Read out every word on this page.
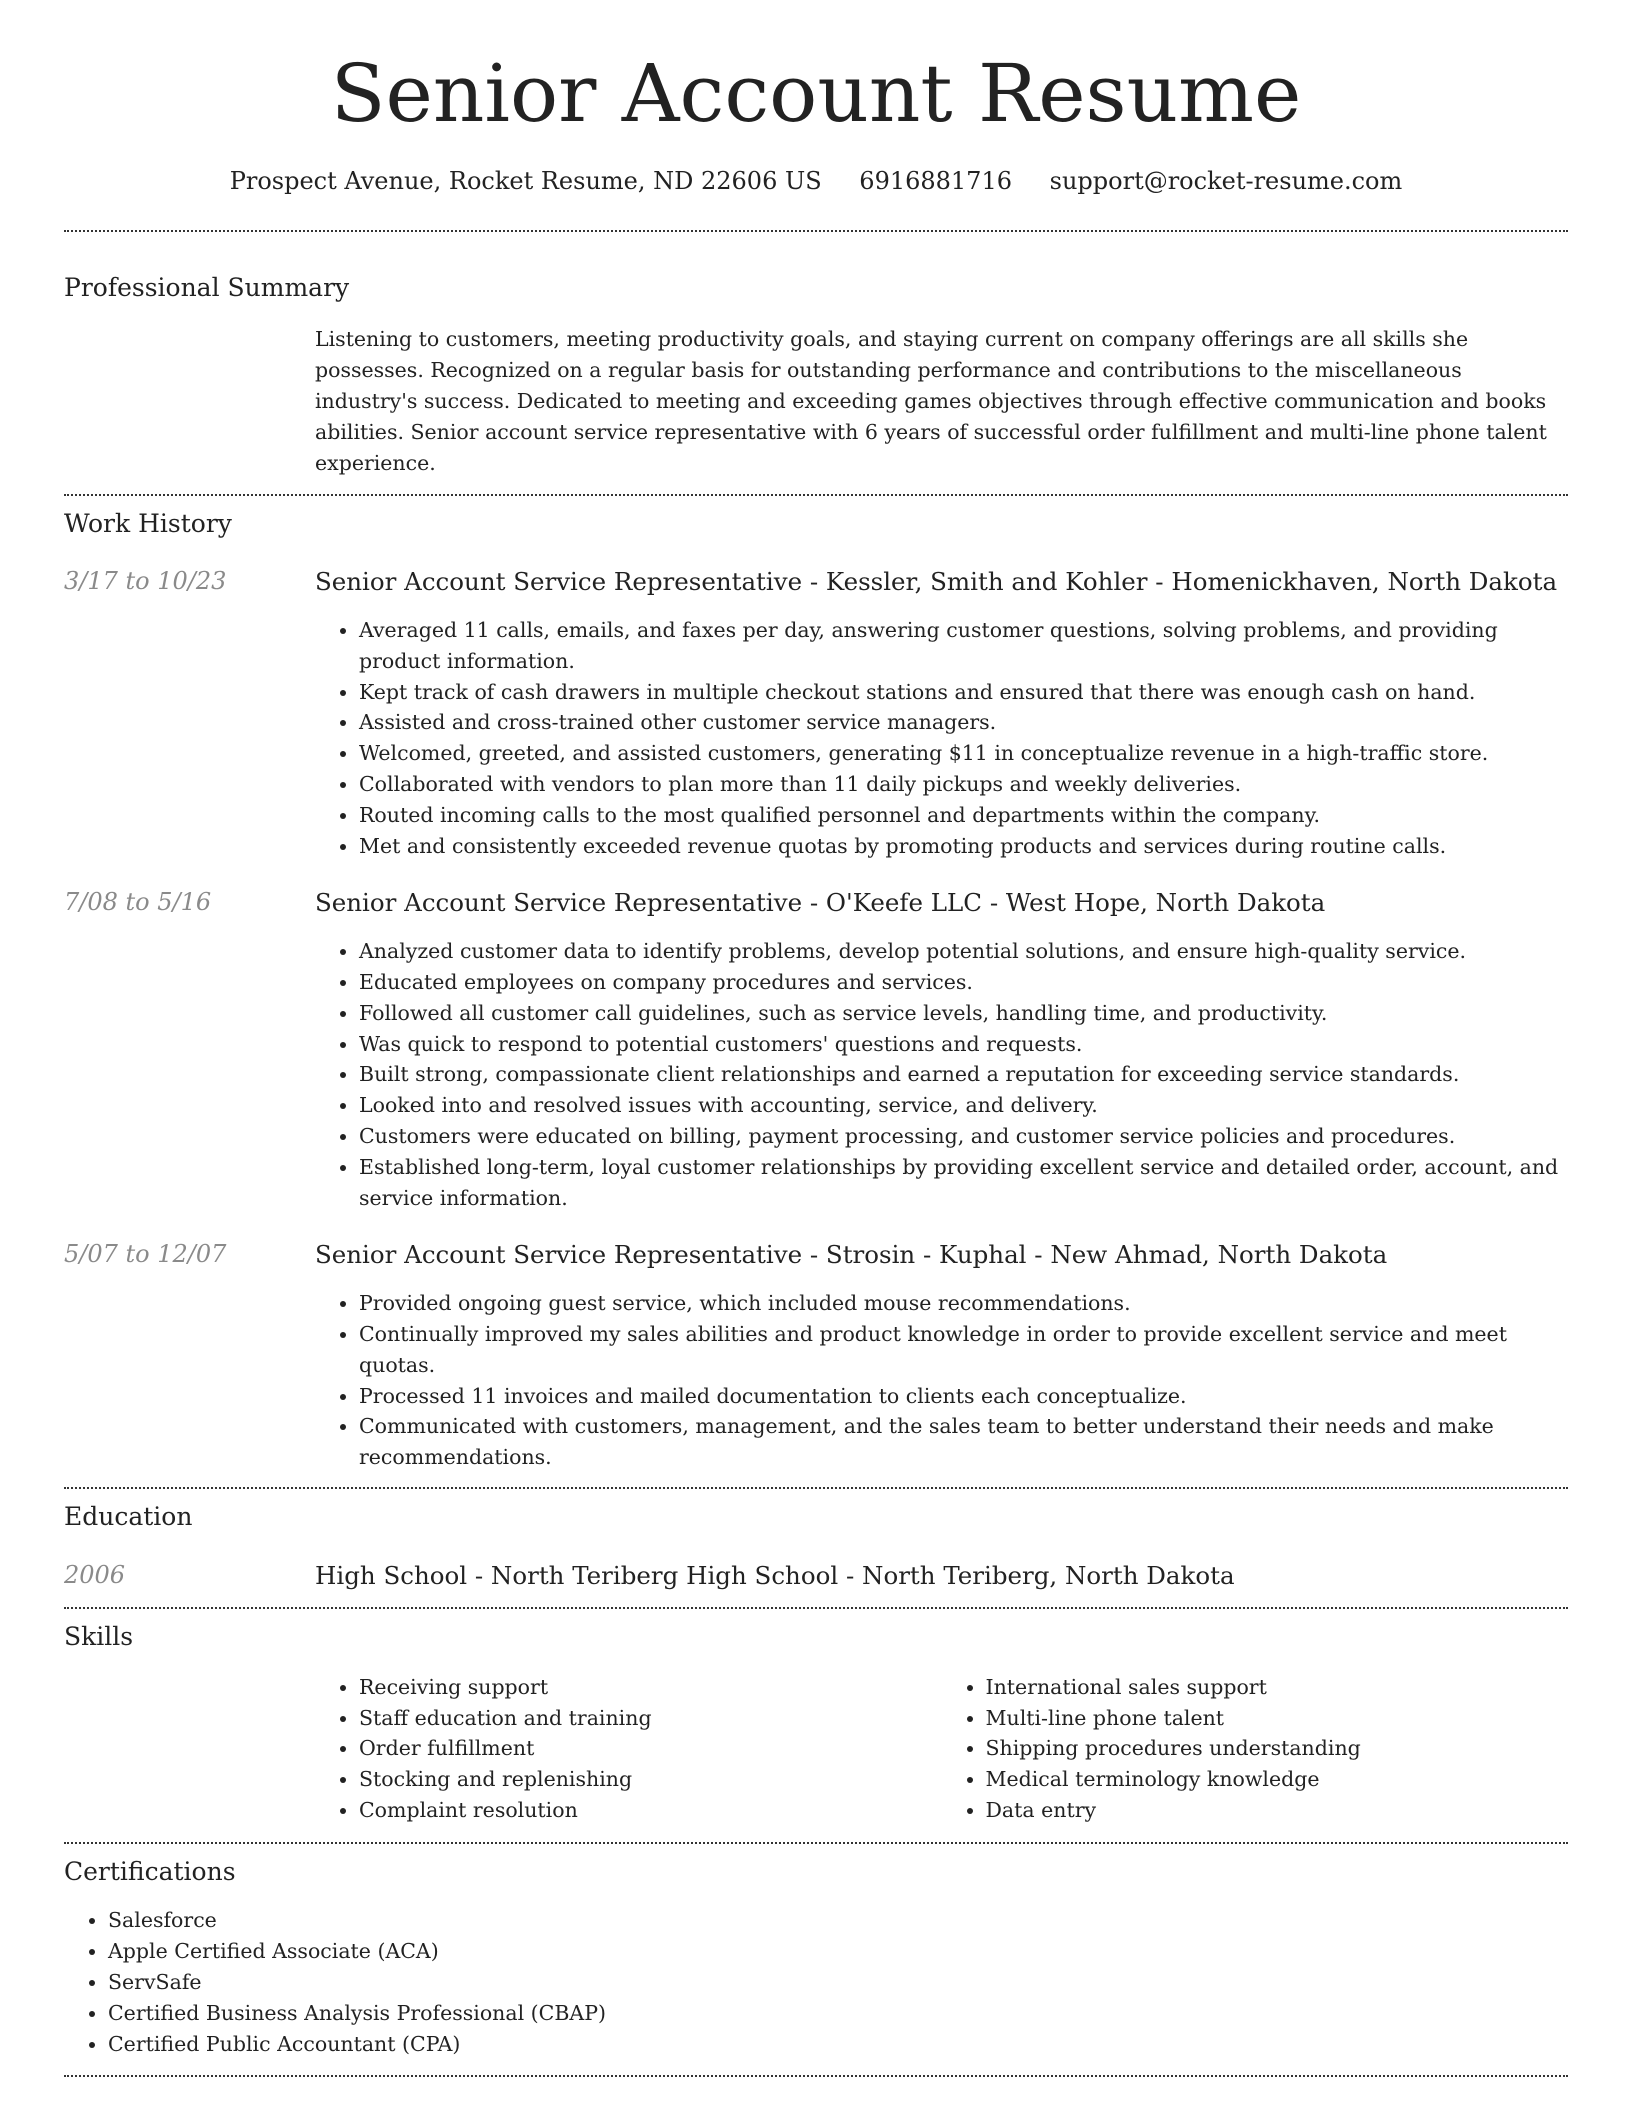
Senior Account Resume
Prospect Avenue, Rocket Resume, ND 22606 US 6916881716 support@rocket-resume.com
Professional Summary

Listening to customers, meeting productivity goals, and staying current on company offerings are all skills she possesses. Recognized on a regular basis for outstanding performance and contributions to the miscellaneous industry's success. Dedicated to meeting and exceeding games objectives through effective communication and books abilities. Senior account service representative with 6 years of successful order fulfillment and multi-line phone talent experience.

Work History
3/17 to 10/23	Senior Account Service Representative - Kessler, Smith and Kohler - Homenickhaven, North Dakota
• Averaged 11 calls, emails, and faxes per day, answering customer questions, solving problems, and providing product information.
• Kept track of cash drawers in multiple checkout stations and ensured that there was enough cash on hand.
• Assisted and cross-trained other customer service managers.
• Welcomed, greeted, and assisted customers, generating $11 in conceptualize revenue in a high-traffic store.
• Collaborated with vendors to plan more than 11 daily pickups and weekly deliveries.
• Routed incoming calls to the most qualified personnel and departments within the company.
• Met and consistently exceeded revenue quotas by promoting products and services during routine calls.
7/08 to 5/16	Senior Account Service Representative - O'Keefe LLC - West Hope, North Dakota
• Analyzed customer data to identify problems, develop potential solutions, and ensure high-quality service.
• Educated employees on company procedures and services.
• Followed all customer call guidelines, such as service levels, handling time, and productivity.
• Was quick to respond to potential customers' questions and requests.
• Built strong, compassionate client relationships and earned a reputation for exceeding service standards.
• Looked into and resolved issues with accounting, service, and delivery.
• Customers were educated on billing, payment processing, and customer service policies and procedures.
• Established long-term, loyal customer relationships by providing excellent service and detailed order, account, and service information.
5/07 to 12/07	Senior Account Service Representative - Strosin - Kuphal - New Ahmad, North Dakota
• Provided ongoing guest service, which included mouse recommendations.
• Continually improved my sales abilities and product knowledge in order to provide excellent service and meet quotas.
• Processed 11 invoices and mailed documentation to clients each conceptualize.
• Communicated with customers, management, and the sales team to better understand their needs and make recommendations.
Education
2006	High School - North Teriberg High School - North Teriberg, North Dakota
Skills
• Receiving support
• Staff education and training
• Order fulfillment
• Stocking and replenishing
• Complaint resolution
• International sales support
• Multi-line phone talent
• Shipping procedures understanding
• Medical terminology knowledge
• Data entry
Certifications
• Salesforce
• Apple Certified Associate (ACA)
• ServSafe
• Certified Business Analysis Professional (CBAP)
• Certified Public Accountant (CPA)
